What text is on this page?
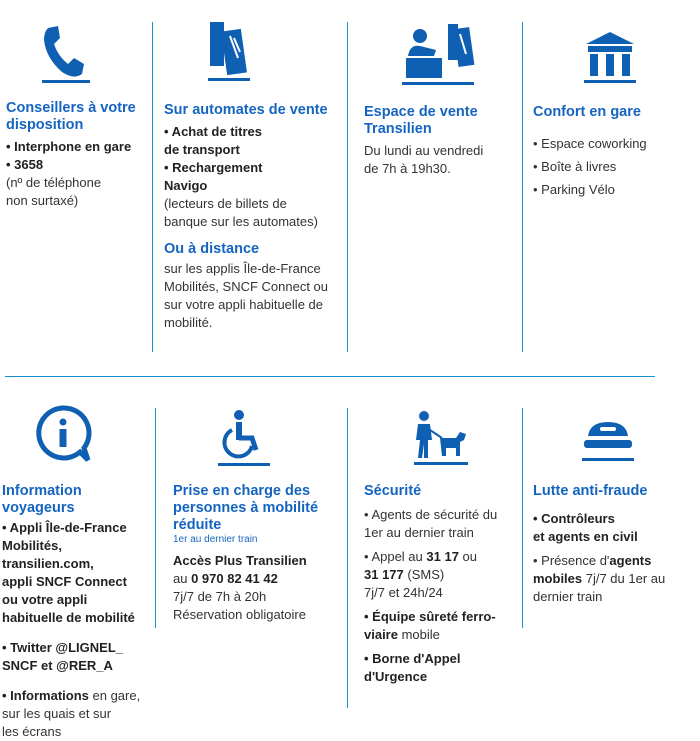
Conseillers à votre disposition

• Interphone en gare

• 3658

(nº de téléphone

non surtaxé)

Sur automates de vente

• Achat de titres

de transport

• Rechargement

Navigo

(lecteurs de billets de

banque sur les automates)

Ou à distance

sur les applis Île-de-France

Mobilités, SNCF Connect ou

sur votre appli habituelle de

mobilité.

Espace de vente Transilien

Du lundi au vendredi

de 7h à 19h30.

Confort en gare

• Espace coworking

• Boîte à livres

• Parking Vélo

Information voyageurs

• Appli Île-de-France

Mobilités,

transilien.com,

appli SNCF Connect

ou votre appli

habituelle de mobilité

• Twitter @LIGNEL_

SNCF et @RER_A

• Informations en gare,

sur les quais et sur

les écrans

Prise en charge des personnes à mobilité réduite

1er au dernier train

Accès Plus Transilien

au 0 970 82 41 42

7j/7 de 7h à 20h

Réservation obligatoire

Sécurité

• Agents de sécurité du

1er au dernier train

• Appel au 31 17 ou

31 177 (SMS)

7j/7 et 24h/24

• Équipe sûreté ferro-

viaire mobile

• Borne d'Appel

d'Urgence

Lutte anti-fraude

• Contrôleurs

et agents en civil

• Présence d'agents

mobiles 7j/7 du 1er au

dernier train
